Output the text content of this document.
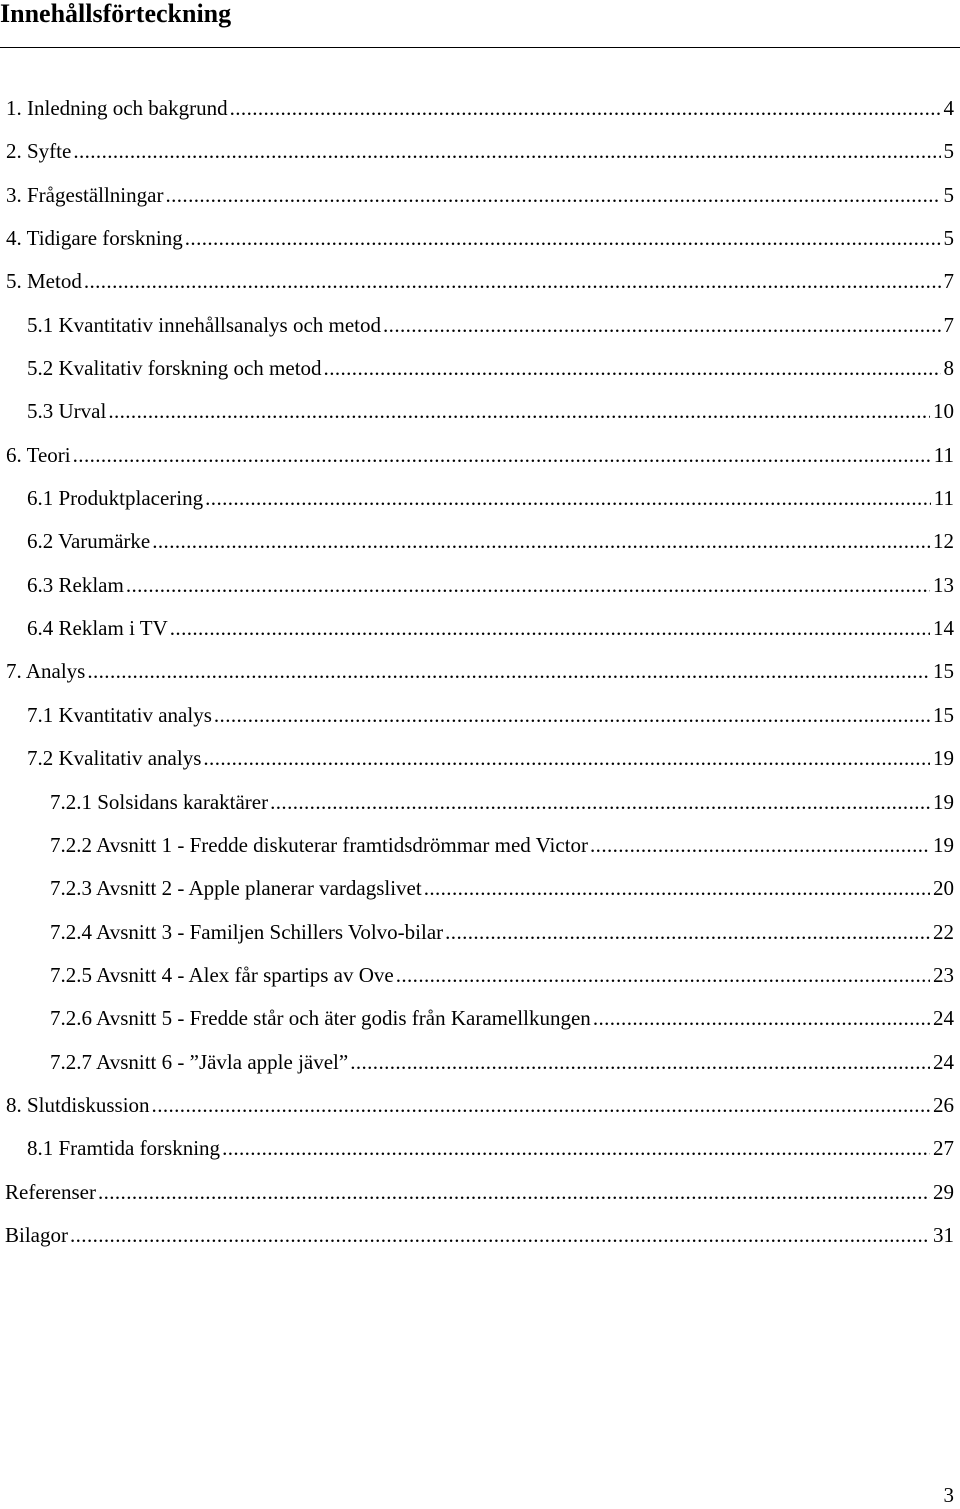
Innehållsförteckning
1. Inledning och bakgrund .....	4
2. Syfte .....	5
3. Frågeställningar .....	5
4. Tidigare forskning .....	5
5. Metod .....	7
5.1 Kvantitativ innehållsanalys och metod .....	7
5.2 Kvalitativ forskning och metod .....	8
5.3 Urval .....	10
6. Teori .....	11
6.1 Produktplacering .....	11
6.2 Varumärke .....	12
6.3 Reklam .....	13
6.4 Reklam i TV .....	14
7. Analys .....	15
7.1 Kvantitativ analys .....	15
7.2 Kvalitativ analys .....	19
7.2.1 Solsidans karaktärer .....	19
7.2.2 Avsnitt 1 - Fredde diskuterar framtidsdrömmar med Victor .....	19
7.2.3 Avsnitt 2 - Apple planerar vardagslivet .....	20
7.2.4 Avsnitt 3 - Familjen Schillers Volvo-bilar .....	22
7.2.5 Avsnitt 4 - Alex får spartips av Ove .....	23
7.2.6 Avsnitt 5 - Fredde står och äter godis från Karamellkungen .....	24
7.2.7 Avsnitt 6 - ”Jävla apple jävel” .....	24
8. Slutdiskussion .....	26
8.1 Framtida forskning .....	27
Referenser .....	29
Bilagor .....	31
3
